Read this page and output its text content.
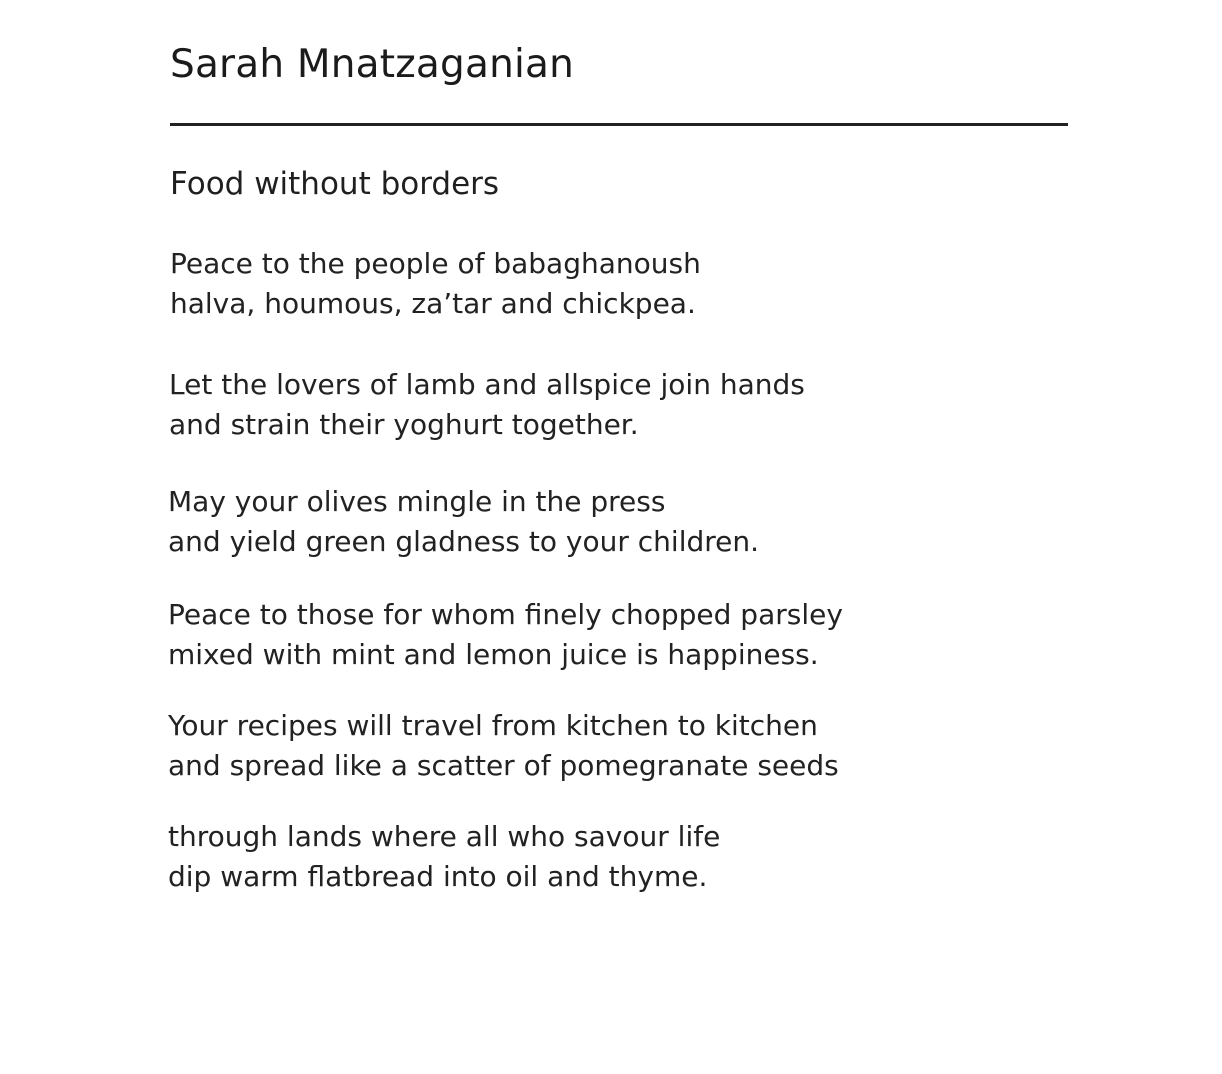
Sarah Mnatzaganian
Food without borders

Peace to the people of babaghanoush
halva, houmous, za’tar and chickpea.

Let the lovers of lamb and allspice join hands
and strain their yoghurt together.

May your olives mingle in the press
and yield green gladness to your children.

Peace to those for whom finely chopped parsley
mixed with mint and lemon juice is happiness.

Your recipes will travel from kitchen to kitchen
and spread like a scatter of pomegranate seeds

through lands where all who savour life
dip warm flatbread into oil and thyme.
